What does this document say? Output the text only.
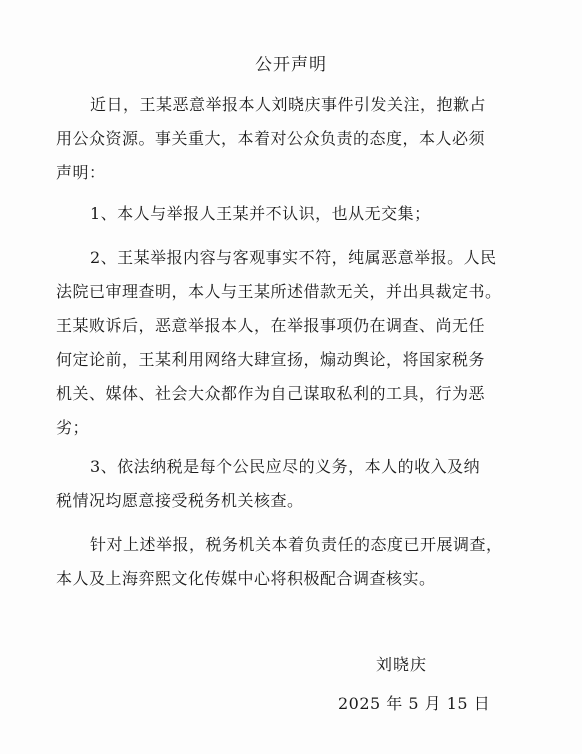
公开声明
近日，王某恶意举报本人刘晓庆事件引发关注，抱歉占
用公众资源。事关重大，本着对公众负责的态度，本人必须
声明：
1、本人与举报人王某并不认识，也从无交集；
2、王某举报内容与客观事实不符，纯属恶意举报。人民
法院已审理查明，本人与王某所述借款无关，并出具裁定书。
王某败诉后，恶意举报本人，在举报事项仍在调查、尚无任
何定论前，王某利用网络大肆宣扬，煽动舆论，将国家税务
机关、媒体、社会大众都作为自己谋取私利的工具，行为恶
劣；
3、依法纳税是每个公民应尽的义务，本人的收入及纳
税情况均愿意接受税务机关核查。
针对上述举报，税务机关本着负责任的态度已开展调查，
本人及上海弈熙文化传媒中心将积极配合调查核实。
刘晓庆
2025 年 5 月 15 日
